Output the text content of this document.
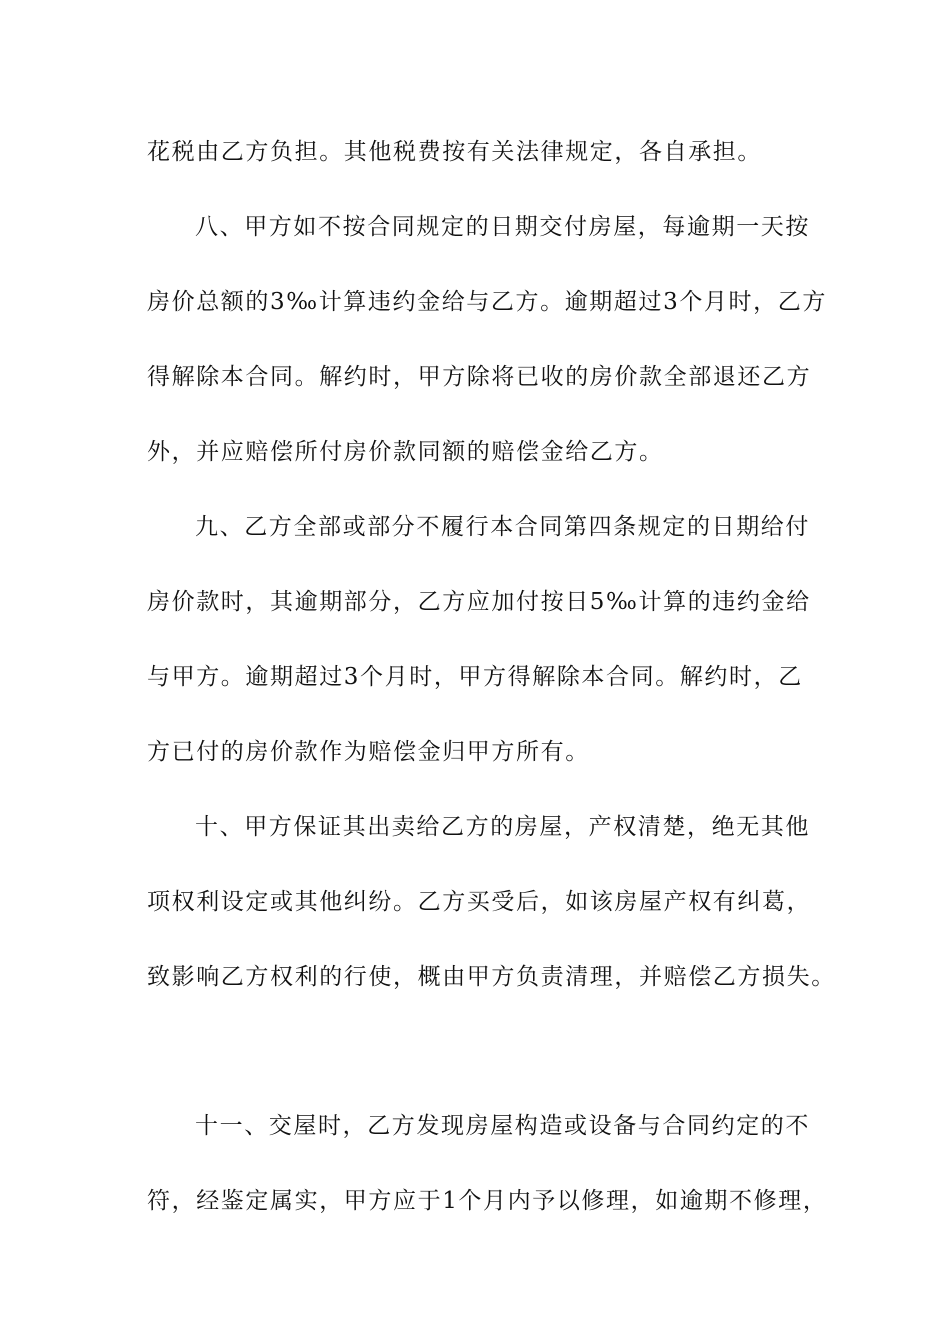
花税由乙方负担。其他税费按有关法律规定，各自承担。
八、甲方如不按合同规定的日期交付房屋，每逾期一天按
房价总额的3‰计算违约金给与乙方。逾期超过3个月时，乙方
得解除本合同。解约时，甲方除将已收的房价款全部退还乙方
外，并应赔偿所付房价款同额的赔偿金给乙方。
九、乙方全部或部分不履行本合同第四条规定的日期给付
房价款时，其逾期部分，乙方应加付按日5‰计算的违约金给
与甲方。逾期超过3个月时，甲方得解除本合同。解约时，乙
方已付的房价款作为赔偿金归甲方所有。
十、甲方保证其出卖给乙方的房屋，产权清楚，绝无其他
项权利设定或其他纠纷。乙方买受后，如该房屋产权有纠葛，
致影响乙方权利的行使，概由甲方负责清理，并赔偿乙方损失。
十一、交屋时，乙方发现房屋构造或设备与合同约定的不
符，经鉴定属实，甲方应于1个月内予以修理，如逾期不修理，
